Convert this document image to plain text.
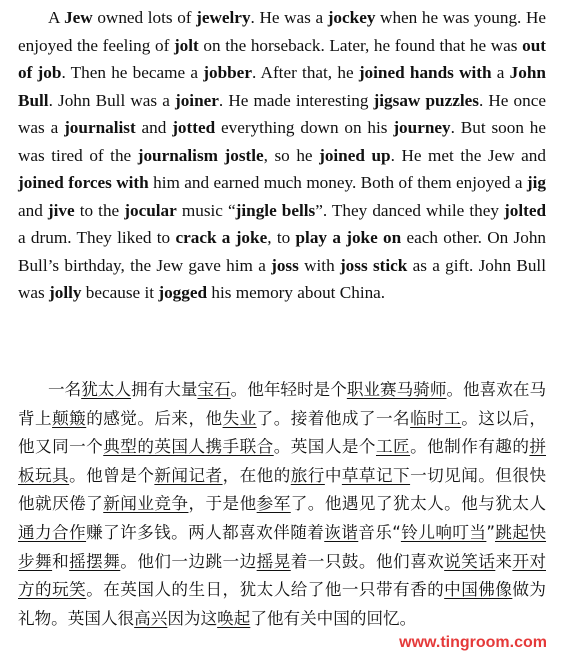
A Jew owned lots of jewelry. He was a jockey when he was young. He enjoyed the feeling of jolt on the horseback. Later, he found that he was out of job. Then he became a jobber. After that, he joined hands with a John Bull. John Bull was a joiner. He made interesting jigsaw puzzles. He once was a journalist and jotted everything down on his journey. But soon he was tired of the journalism jostle, so he joined up. He met the Jew and joined forces with him and earned much money. Both of them enjoyed a jig and jive to the jocular music “jingle bells”. They danced while they jolted a drum. They liked to crack a joke, to play a joke on each other. On John Bull’s birthday, the Jew gave him a joss with joss stick as a gift. John Bull was jolly because it jogged his memory about China.

一名犹太人拥有大量宝石。他年轻时是个职业赛马骑师。他喜欢在马背上颠簸的感觉。后来，他失业了。接着他成了一名临时工。这以后，他又同一个典型的英国人携手联合。英国人是个工匠。他制作有趣的拼板玩具。他曾是个新闻记者，在他的旅行中草草记下一切见闻。但很快他就厌倦了新闻业竞争，于是他参军了。他遇见了犹太人。他与犹太人通力合作赚了许多钱。两人都喜欢伴随着诙谐音乐“铃儿响叮当”跳起快步舞和摇摆舞。他们一边跳一边摇晃着一只鼓。他们喜欢说笑话来开对方的玩笑。在英国人的生日，犹太人给了他一只带有香的中国佛像做为礼物。英国人很高兴因为这唤起了他有关中国的回忆。

www.tingroom.com
